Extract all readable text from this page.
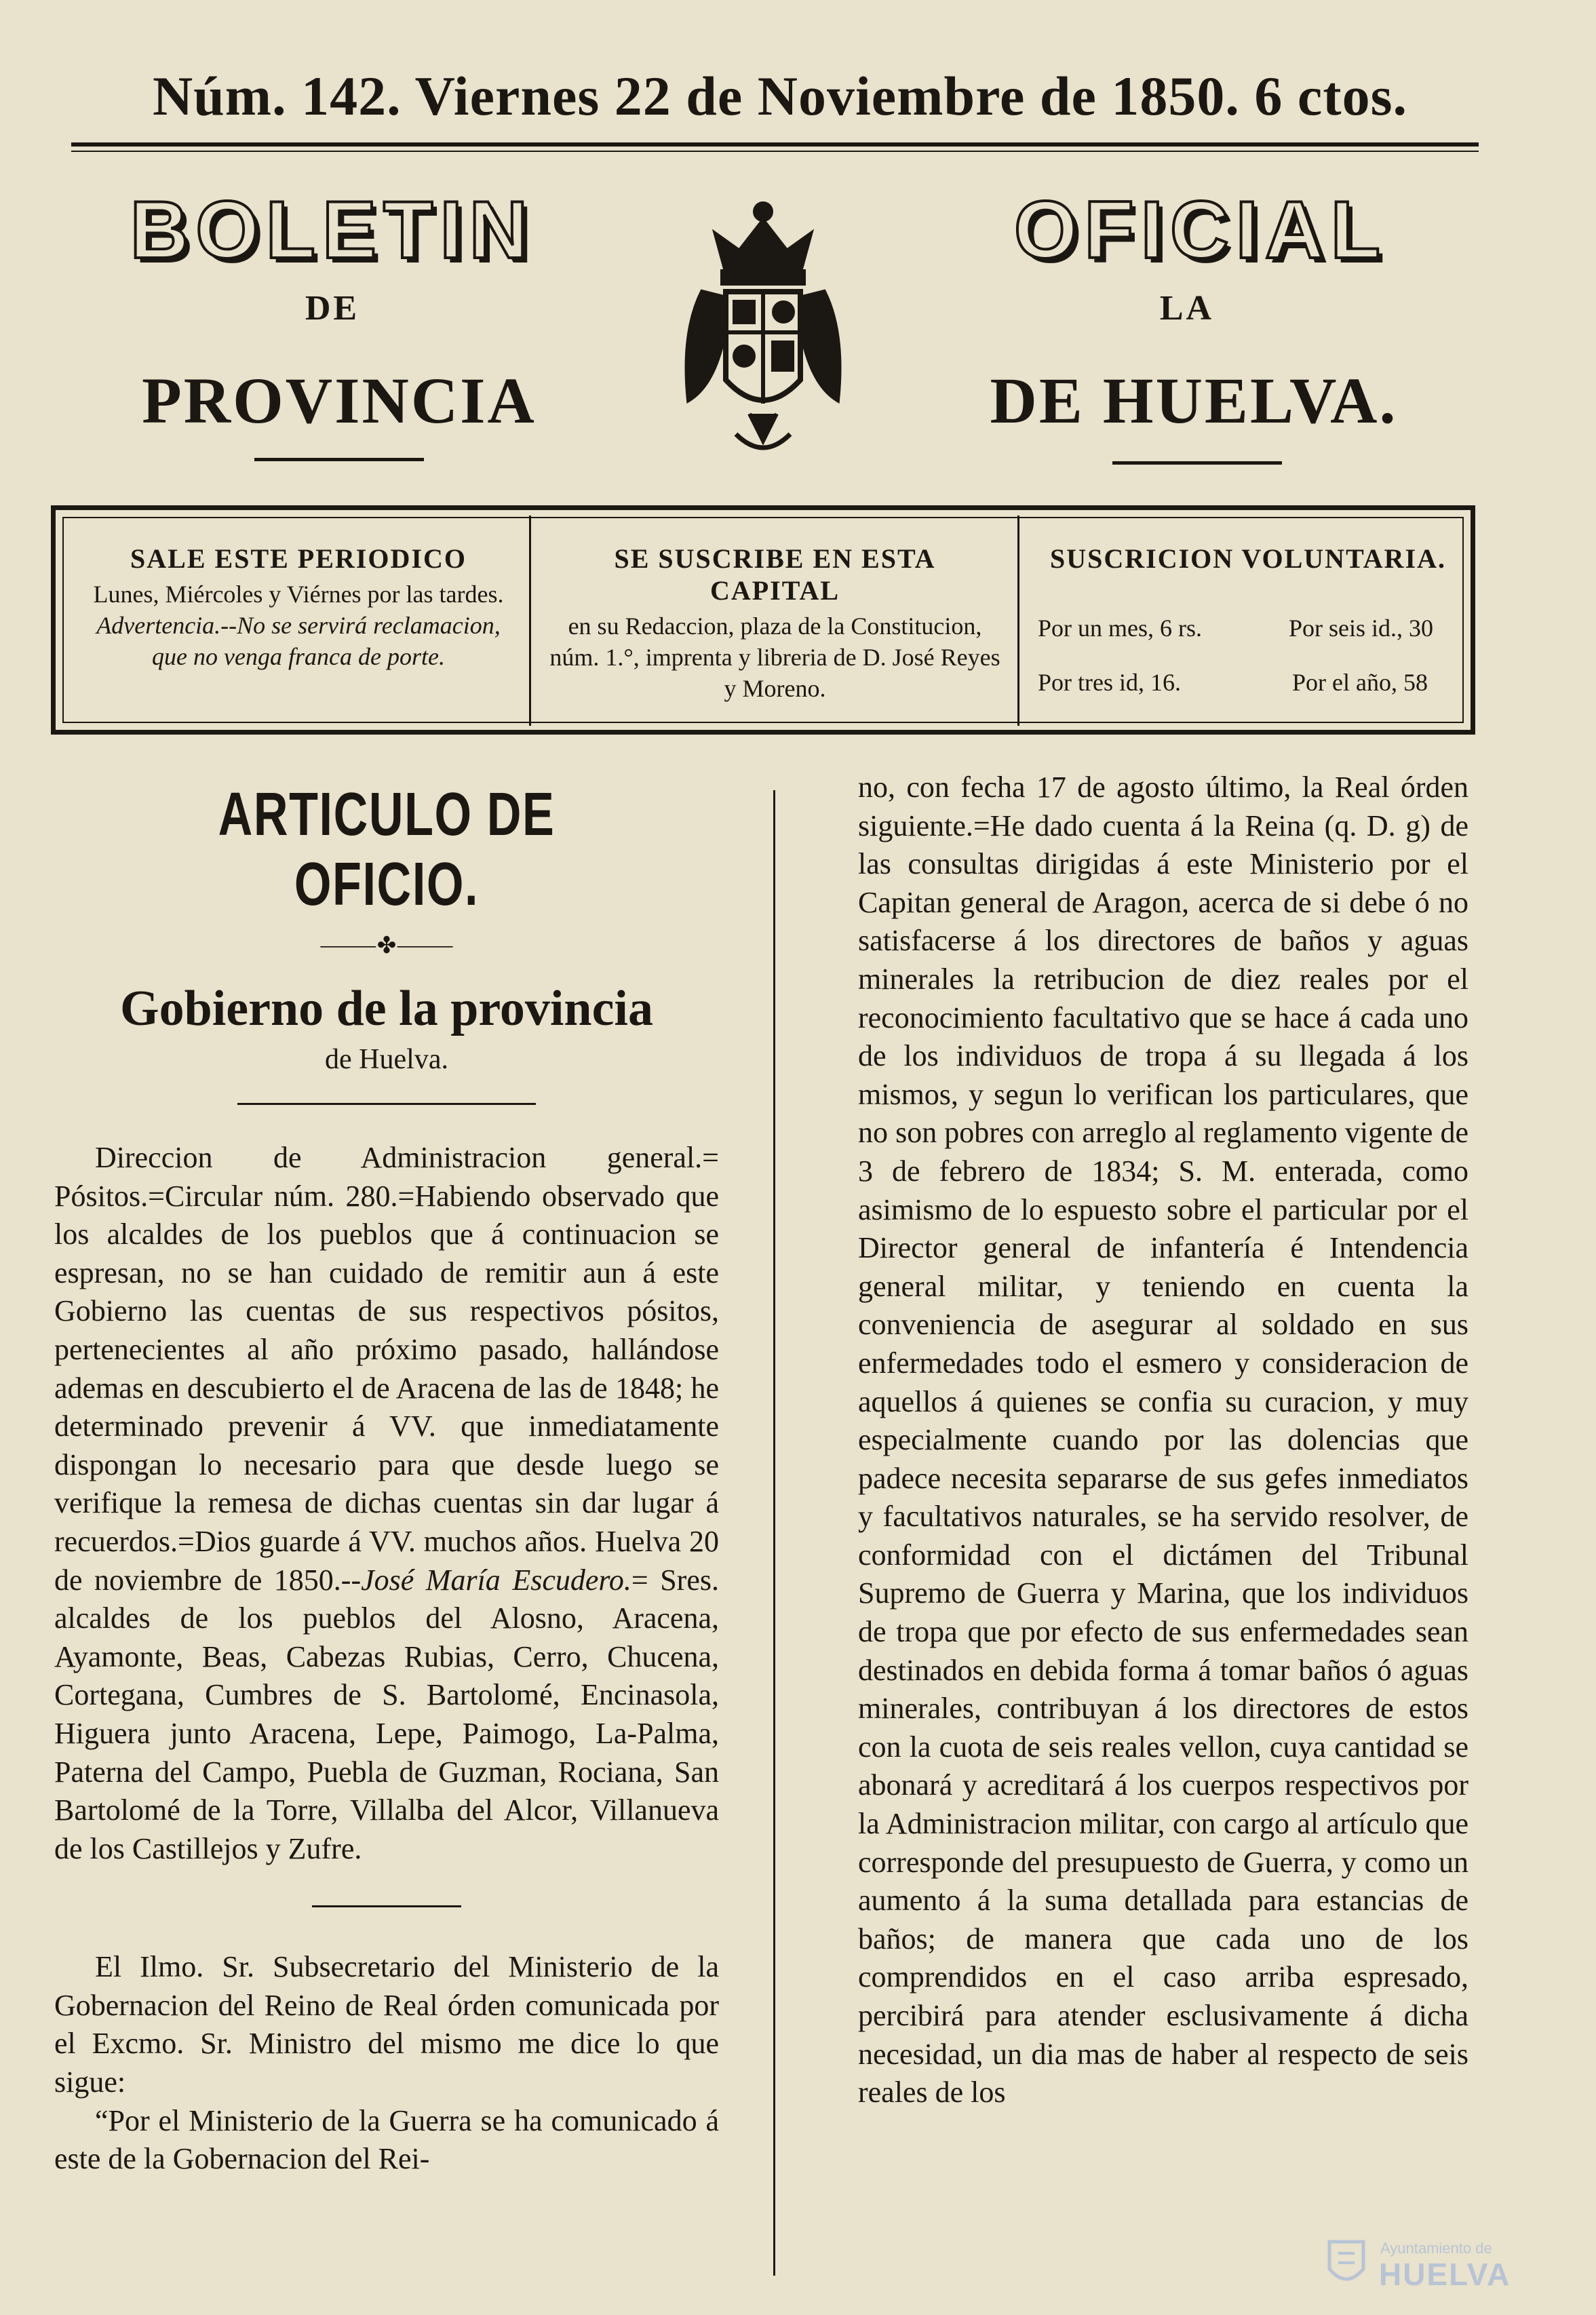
Núm. 142. Viernes 22 de Noviembre de 1850. 6 ctos.
BOLETIN	OFICIAL
DE	LA
PROVINCIA	DE HUELVA.
SALE ESTE PERIODICO

Lunes, Miércoles y Viérnes por las tardes.

Advertencia.--No se servirá reclamacion, que no venga franca de porte.

SE SUSCRIBE EN ESTA CAPITAL

en su Redaccion, plaza de la Constitucion, núm. 1.°, imprenta y libreria de D. José Reyes y Moreno.

SUSCRICION VOLUNTARIA.
Por un mes, 6 rs.	Por seis id., 30
Por tres id, 16.	Por el año, 58
ARTICULO DE OFICIO.
⸻✤⸻
Gobierno de la provincia

de Huelva.

Direccion de Administracion general.= Pósitos.=Circular núm. 280.=Habiendo observado que los alcaldes de los pueblos que á continuacion se espresan, no se han cuidado de remitir aun á este Gobierno las cuentas de sus respectivos pósitos, pertenecientes al año próximo pasado, hallándose ademas en descubierto el de Aracena de las de 1848; he determinado prevenir á VV. que inmediatamente dispongan lo necesario para que desde luego se verifique la remesa de dichas cuentas sin dar lugar á recuerdos.=Dios guarde á VV. muchos años. Huelva 20 de noviembre de 1850.--José María Escudero.= Sres. alcaldes de los pueblos del Alosno, Aracena, Ayamonte, Beas, Cabezas Rubias, Cerro, Chucena, Cortegana, Cumbres de S. Bartolomé, Encinasola, Higuera junto Aracena, Lepe, Paimogo, La-Palma, Paterna del Campo, Puebla de Guzman, Rociana, San Bartolomé de la Torre, Villalba del Alcor, Villanueva de los Castillejos y Zufre.

El Ilmo. Sr. Subsecretario del Ministerio de la Gobernacion del Reino de Real órden comunicada por el Excmo. Sr. Ministro del mismo me dice lo que sigue:

“Por el Ministerio de la Guerra se ha comunicado á este de la Gobernacion del Rei-

no, con fecha 17 de agosto último, la Real órden siguiente.=He dado cuenta á la Reina (q. D. g) de las consultas dirigidas á este Ministerio por el Capitan general de Aragon, acerca de si debe ó no satisfacerse á los directores de baños y aguas minerales la retribucion de diez reales por el reconocimiento facultativo que se hace á cada uno de los individuos de tropa á su llegada á los mismos, y segun lo verifican los particulares, que no son pobres con arreglo al reglamento vigente de 3 de febrero de 1834; S. M. enterada, como asimismo de lo espuesto sobre el particular por el Director general de infantería é Intendencia general militar, y teniendo en cuenta la conveniencia de asegurar al soldado en sus enfermedades todo el esmero y consideracion de aquellos á quienes se confia su curacion, y muy especialmente cuando por las dolencias que padece necesita separarse de sus gefes inmediatos y facultativos naturales, se ha servido resolver, de conformidad con el dictámen del Tribunal Supremo de Guerra y Marina, que los individuos de tropa que por efecto de sus enfermedades sean destinados en debida forma á tomar baños ó aguas minerales, contribuyan á los directores de estos con la cuota de seis reales vellon, cuya cantidad se abonará y acreditará á los cuerpos respectivos por la Administracion militar, con cargo al artículo que corresponde del presupuesto de Guerra, y como un aumento á la suma detallada para estancias de baños; de manera que cada uno de los comprendidos en el caso arriba espresado, percibirá para atender esclusivamente á dicha necesidad, un dia mas de haber al respecto de seis reales de los

Ayuntamiento de
HUELVA
